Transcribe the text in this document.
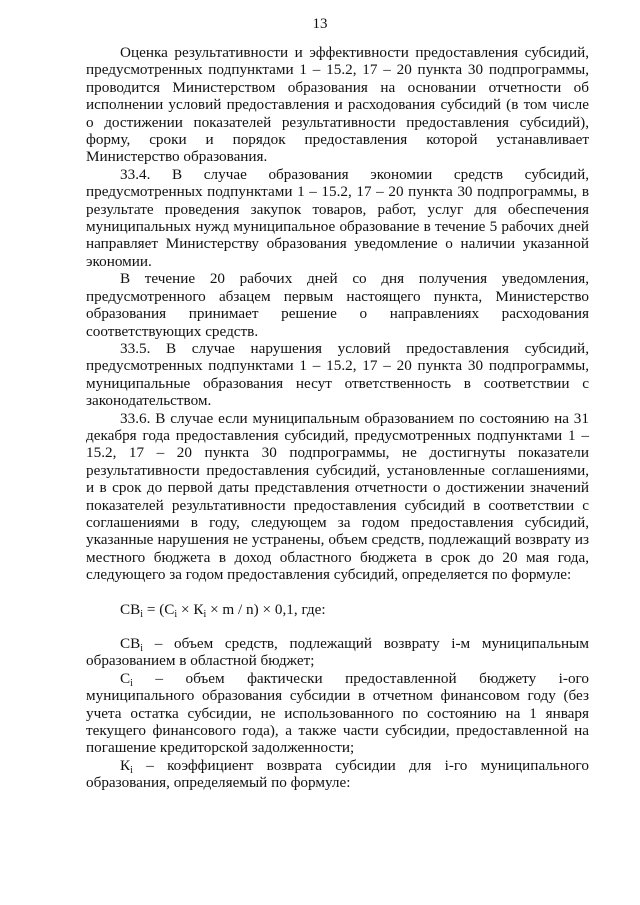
13

Оценка результативности и эффективности предоставления субсидий, предусмотренных подпунктами 1 – 15.2, 17 – 20 пункта 30 подпрограммы, проводится Министерством образования на основании отчетности об исполнении условий предоставления и расходования субсидий (в том числе о достижении показателей результативности предоставления субсидий), форму, сроки и порядок предоставления которой устанавливает Министерство образования.

33.4. В случае образования экономии средств субсидий, предусмотренных подпунктами 1 – 15.2, 17 – 20 пункта 30 подпрограммы, в результате проведения закупок товаров, работ, услуг для обеспечения муниципальных нужд муниципальное образование в течение 5 рабочих дней направляет Министерству образования уведомление о наличии указанной экономии.

В течение 20 рабочих дней со дня получения уведомления, предусмотренного абзацем первым настоящего пункта, Министерство образования принимает решение о направлениях расходования соответствующих средств.

33.5. В случае нарушения условий предоставления субсидий, предусмотренных подпунктами 1 – 15.2, 17 – 20 пункта 30 подпрограммы, муниципальные образования несут ответственность в соответствии с законодательством.

33.6. В случае если муниципальным образованием по состоянию на 31 декабря года предоставления субсидий, предусмотренных подпунктами 1 – 15.2, 17 – 20 пункта 30 подпрограммы, не достигнуты показатели результативности предоставления субсидий, установленные соглашениями, и в срок до первой даты представления отчетности о достижении значений показателей результативности предоставления субсидий в соответствии с соглашениями в году, следующем за годом предоставления субсидий, указанные нарушения не устранены, объем средств, подлежащий возврату из местного бюджета в доход областного бюджета в срок до 20 мая года, следующего за годом предоставления субсидий, определяется по формуле:

$СВ_i = (С_i \times К_i \times m / n) \times 0,1$, где:

$СВ_i$ – объем средств, подлежащий возврату i-м муниципальным образованием в областной бюджет;

$С_i$ – объем фактически предоставленной бюджету i-ого муниципального образования субсидии в отчетном финансовом году (без учета остатка субсидии, не использованного по состоянию на 1 января текущего финансового года), а также части субсидии, предоставленной на погашение кредиторской задолженности;

$К_i$ – коэффициент возврата субсидии для i-го муниципального образования, определяемый по формуле:
